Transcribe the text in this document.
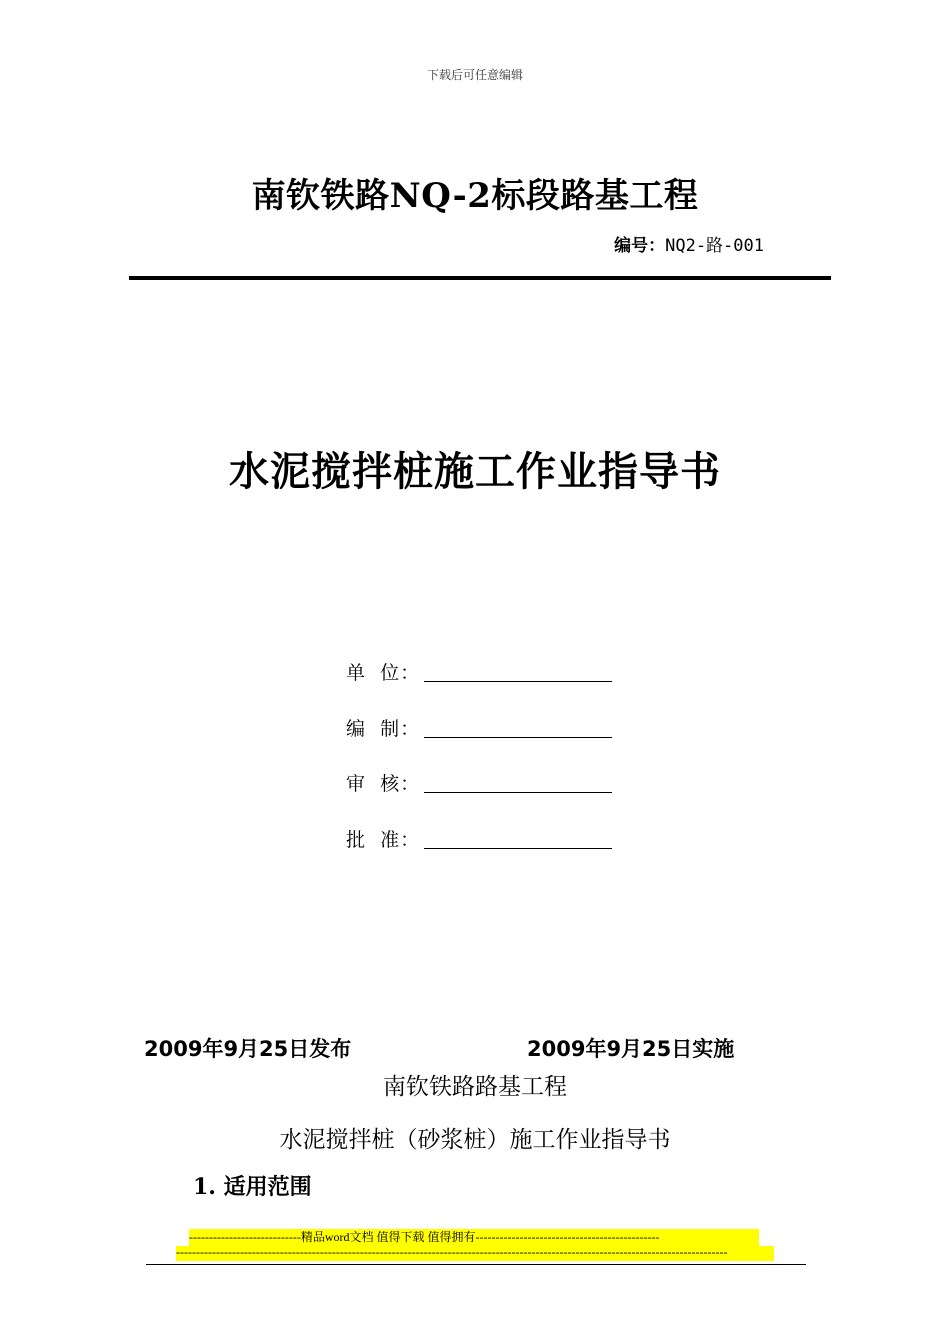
下载后可任意编辑
南钦铁路NQ-2标段路基工程
编号：NQ2-路-001
水泥搅拌桩施工作业指导书
单  位：
编  制：
审  核：
批  准：
2009年9月25日发布	2009年9月25日实施
南钦铁路路基工程
水泥搅拌桩（砂浆桩）施工作业指导书
1. 适用范围
----------------------------精品word文档 值得下载 值得拥有----------------------------------------------
------------------------------------------------------------------------------------------------------------------------------------------
